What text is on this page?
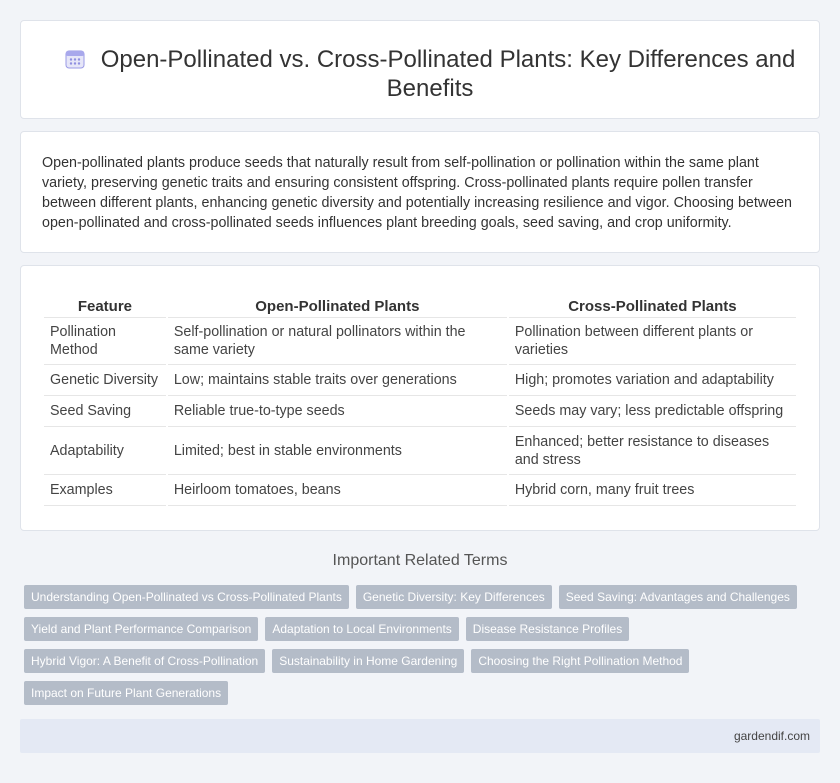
Open-Pollinated vs. Cross-Pollinated Plants: Key Differences and Benefits

Open-pollinated plants produce seeds that naturally result from self-pollination or pollination within the same plant variety, preserving genetic traits and ensuring consistent offspring. Cross-pollinated plants require pollen transfer between different plants, enhancing genetic diversity and potentially increasing resilience and vigor. Choosing between open-pollinated and cross-pollinated seeds influences plant breeding goals, seed saving, and crop uniformity.

Feature	Open-Pollinated Plants	Cross-Pollinated Plants
Pollination Method	Self-pollination or natural pollinators within the same variety	Pollination between different plants or varieties
Genetic Diversity	Low; maintains stable traits over generations	High; promotes variation and adaptability
Seed Saving	Reliable true-to-type seeds	Seeds may vary; less predictable offspring
Adaptability	Limited; best in stable environments	Enhanced; better resistance to diseases and stress
Examples	Heirloom tomatoes, beans	Hybrid corn, many fruit trees
Important Related Terms
Understanding Open-Pollinated vs Cross-Pollinated Plants	Genetic Diversity: Key Differences	Seed Saving: Advantages and Challenges
Yield and Plant Performance Comparison	Adaptation to Local Environments	Disease Resistance Profiles
Hybrid Vigor: A Benefit of Cross-Pollination	Sustainability in Home Gardening	Choosing the Right Pollination Method
Impact on Future Plant Generations
gardendif.com
